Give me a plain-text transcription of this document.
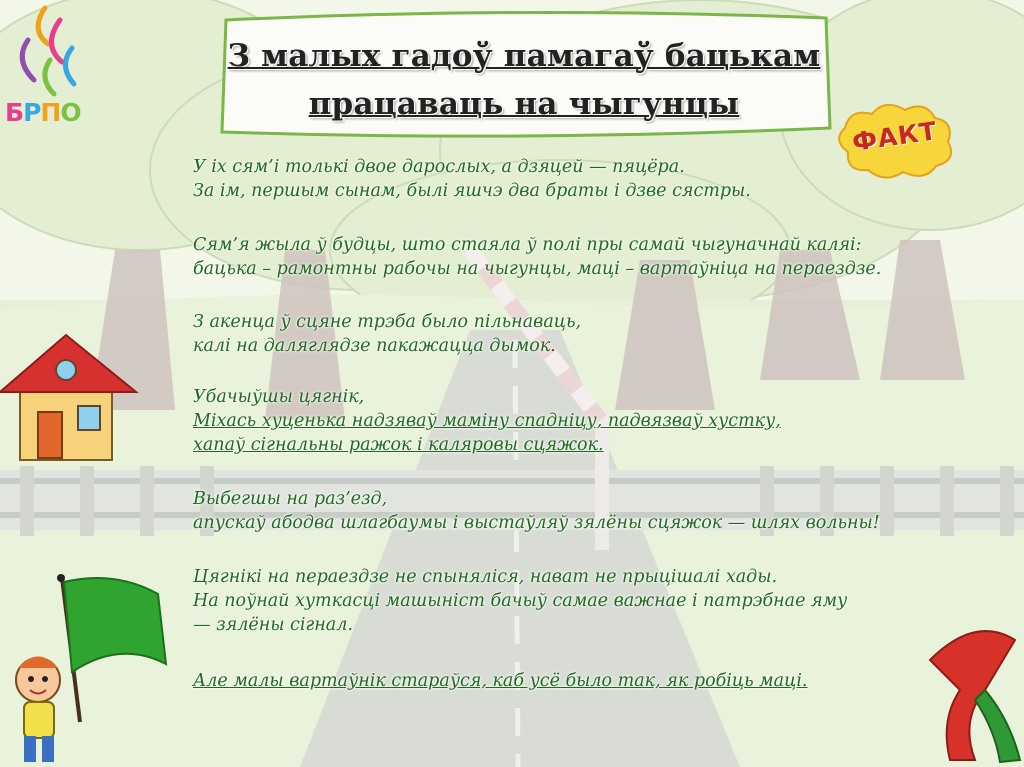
БРПО
З малых гадоў памагаў бацькам
працаваць на чыгунцы
ФАКТ
У іх сям’і толькі двое дарослых, а дзяцей — пяцёра.
За ім, першым сынам, былі яшчэ два браты і дзве сястры.
Сям’я жыла ў будцы, што стаяла ў полі пры самай чыгуначнай каляі:
бацька – рамонтны рабочы на чыгунцы, маці – вартаўніца на пераездзе.
З акенца ў сцяне трэба было пільнаваць,
калі на даляглядзе пакажацца дымок.
Убачыўшы цягнік,
Міхась хуценька надзяваў маміну спадніцу, падвязваў хустку,
хапаў сігнальны ражок і каляровы сцяжок.
Выбегшы на раз’езд,
апускаў абодва шлагбаумы і выстаўляў зялёны сцяжок — шлях вольны!
Цягнікі на пераездзе не спыняліся, нават не прыцішалі хады.
На поўнай хуткасці машыніст бачыў самае важнае і патрэбнае яму
— зялёны сігнал.
Але малы вартаўнік стараўся, каб усё было так, як робіць маці.
